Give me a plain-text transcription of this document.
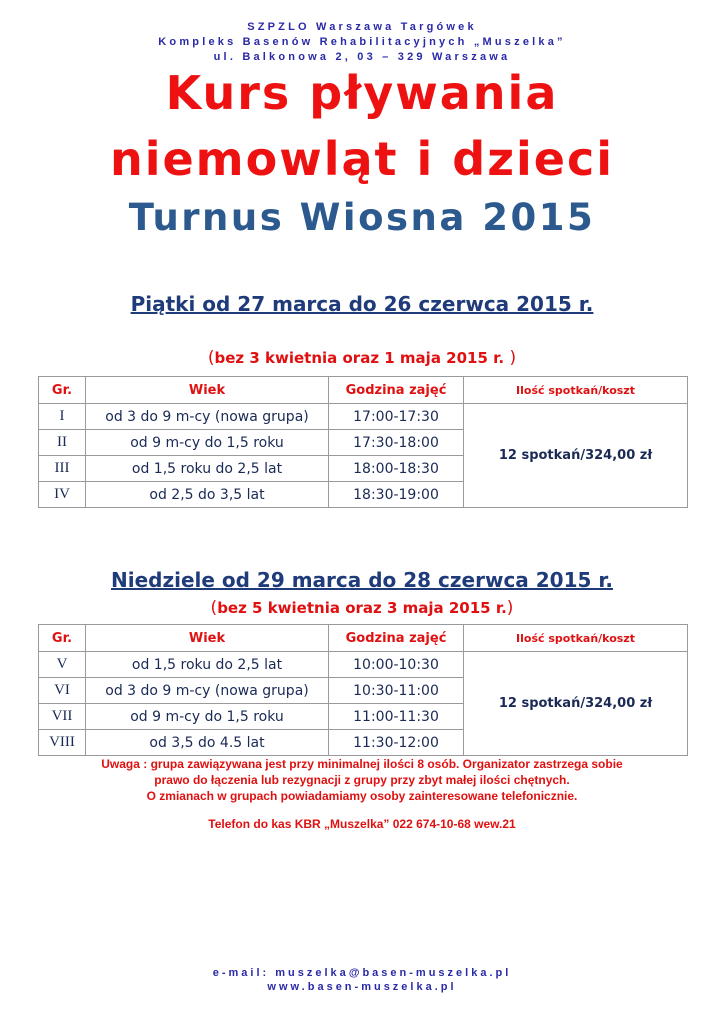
SZPZLO Warszawa Targówek
Kompleks Basenów Rehabilitacyjnych „Muszelka”
ul. Balkonowa 2, 03 – 329 Warszawa
Kurs pływania
niemowląt i dzieci
Turnus Wiosna 2015
Piątki od 27 marca do 26 czerwca 2015 r.
(bez 3 kwietnia oraz 1 maja 2015 r. )
Gr.	Wiek	Godzina zajęć	Ilość spotkań/koszt
I	od 3 do 9 m-cy (nowa grupa)	17:00-17:30	12 spotkań/324,00 zł
II	od 9 m-cy do 1,5 roku	17:30-18:00	
III	od 1,5 roku do 2,5 lat	18:00-18:30	
IV	od 2,5 do 3,5 lat	18:30-19:00	
Niedziele od 29 marca do 28 czerwca 2015 r.
(bez 5 kwietnia oraz 3 maja 2015 r.)
Gr.	Wiek	Godzina zajęć	Ilość spotkań/koszt
V	od 1,5 roku do 2,5 lat	10:00-10:30	12 spotkań/324,00 zł
VI	od 3 do 9 m-cy (nowa grupa)	10:30-11:00	
VII	od 9 m-cy do 1,5 roku	11:00-11:30	
VIII	od 3,5 do 4.5 lat	11:30-12:00	
Uwaga : grupa zawiązywana jest przy minimalnej ilości 8 osób. Organizator zastrzega sobie
prawo do łączenia lub rezygnacji z grupy przy zbyt małej ilości chętnych.
O zmianach w grupach powiadamiamy osoby zainteresowane telefonicznie.
Telefon do kas KBR „Muszelka” 022 674-10-68 wew.21
e-mail: muszelka@basen-muszelka.pl
www.basen-muszelka.pl
